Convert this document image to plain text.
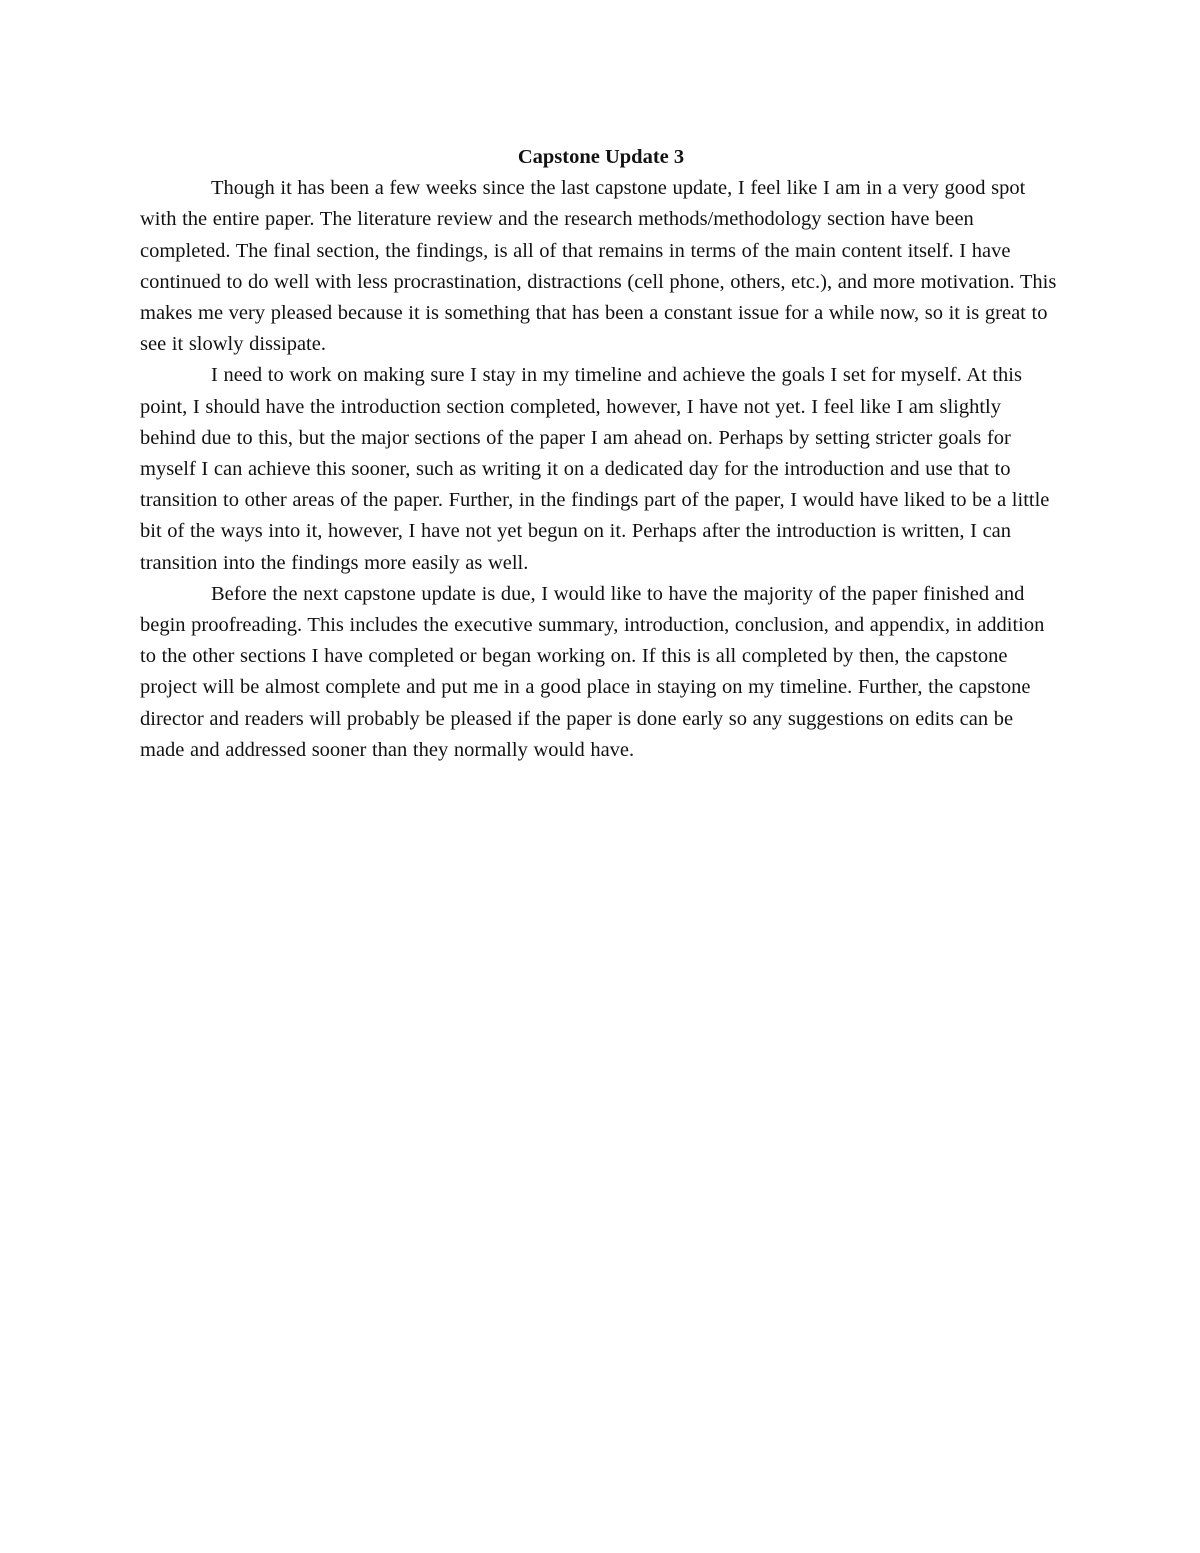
Capstone Update 3

Though it has been a few weeks since the last capstone update, I feel like I am in a very good spot with the entire paper. The literature review and the research methods/methodology section have been completed. The final section, the findings, is all of that remains in terms of the main content itself. I have continued to do well with less procrastination, distractions (cell phone, others, etc.), and more motivation. This makes me very pleased because it is something that has been a constant issue for a while now, so it is great to see it slowly dissipate.

I need to work on making sure I stay in my timeline and achieve the goals I set for myself. At this point, I should have the introduction section completed, however, I have not yet. I feel like I am slightly behind due to this, but the major sections of the paper I am ahead on. Perhaps by setting stricter goals for myself I can achieve this sooner, such as writing it on a dedicated day for the introduction and use that to transition to other areas of the paper. Further, in the findings part of the paper, I would have liked to be a little bit of the ways into it, however, I have not yet begun on it. Perhaps after the introduction is written, I can transition into the findings more easily as well.

Before the next capstone update is due, I would like to have the majority of the paper finished and begin proofreading. This includes the executive summary, introduction, conclusion, and appendix, in addition to the other sections I have completed or began working on. If this is all completed by then, the capstone project will be almost complete and put me in a good place in staying on my timeline. Further, the capstone director and readers will probably be pleased if the paper is done early so any suggestions on edits can be made and addressed sooner than they normally would have.
